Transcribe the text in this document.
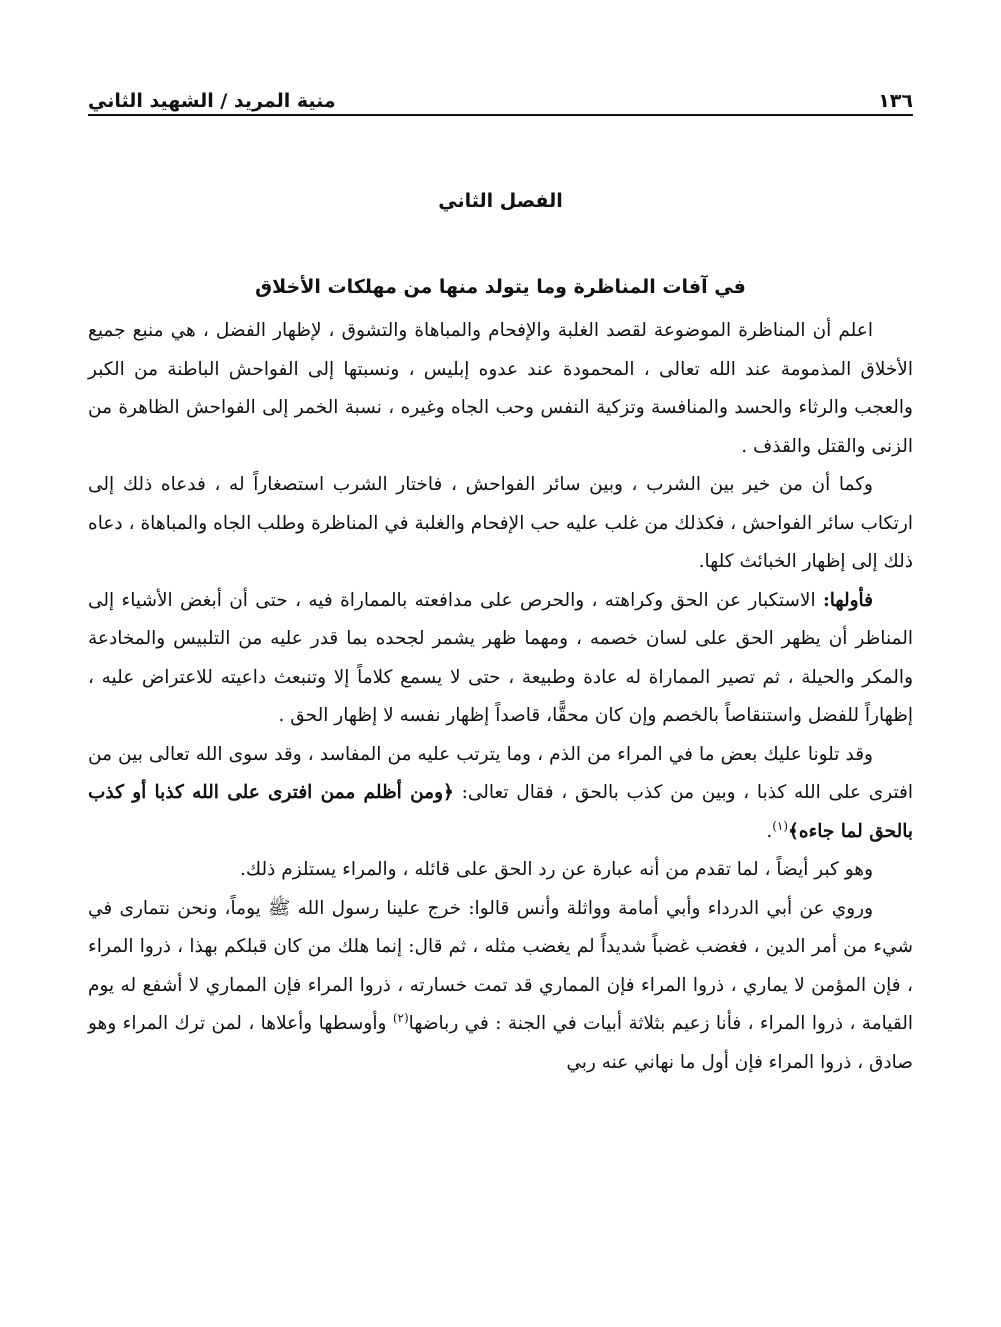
١٣٦
منية المريد / الشهيد الثاني
الفصل الثاني
في آفات المناظرة وما يتولد منها من مهلكات الأخلاق

اعلم أن المناظرة الموضوعة لقصد الغلبة والإفحام والمباهاة والتشوق ، لإظهار الفضل ، هي منبع جميع الأخلاق المذمومة عند الله تعالى ، المحمودة عند عدوه إبليس ، ونسبتها إلى الفواحش الباطنة من الكبر والعجب والرثاء والحسد والمنافسة وتزكية النفس وحب الجاه وغيره ، نسبة الخمر إلى الفواحش الظاهرة من الزنى والقتل والقذف .

وكما أن من خير بين الشرب ، وبين سائر الفواحش ، فاختار الشرب استصغاراً له ، فدعاه ذلك إلى ارتكاب سائر الفواحش ، فكذلك من غلب عليه حب الإفحام والغلبة في المناظرة وطلب الجاه والمباهاة ، دعاه ذلك إلى إظهار الخبائث كلها.

فأولها: الاستكبار عن الحق وكراهته ، والحرص على مدافعته بالمماراة فيه ، حتى أن أبغض الأشياء إلى المناظر أن يظهر الحق على لسان خصمه ، ومهما ظهر يشمر لجحده بما قدر عليه من التلبيس والمخادعة والمكر والحيلة ، ثم تصير المماراة له عادة وطبيعة ، حتى لا يسمع كلاماً إلا وتنبعث داعيته للاعتراض عليه ، إظهاراً للفضل واستنقاصاً بالخصم وإن كان محقًّا، قاصداً إظهار نفسه لا إظهار الحق .

وقد تلونا عليك بعض ما في المراء من الذم ، وما يترتب عليه من المفاسد ، وقد سوى الله تعالى بين من افترى على الله كذبا ، وبين من كذب بالحق ، فقال تعالى: ﴿ومن أظلم ممن افترى على الله كذبا أو كذب بالحق لما جاءه﴾$^{(١)}$.

وهو كبر أيضاً ، لما تقدم من أنه عبارة عن رد الحق على قائله ، والمراء يستلزم ذلك.

وروي عن أبي الدرداء وأبي أمامة وواثلة وأنس قالوا: خرج علينا رسول الله ﷺ يوماً، ونحن نتمارى في شيء من أمر الدين ، فغضب غضباً شديداً لم يغضب مثله ، ثم قال: إنما هلك من كان قبلكم بهذا ، ذروا المراء ، فإن المؤمن لا يماري ، ذروا المراء فإن المماري قد تمت خسارته ، ذروا المراء فإن المماري لا أشفع له يوم القيامة ، ذروا المراء ، فأنا زعيم بثلاثة أبيات في الجنة : في رباضها$^{(٢)}$ وأوسطها وأعلاها ، لمن ترك المراء وهو صادق ، ذروا المراء فإن أول ما نهاني عنه ربي
